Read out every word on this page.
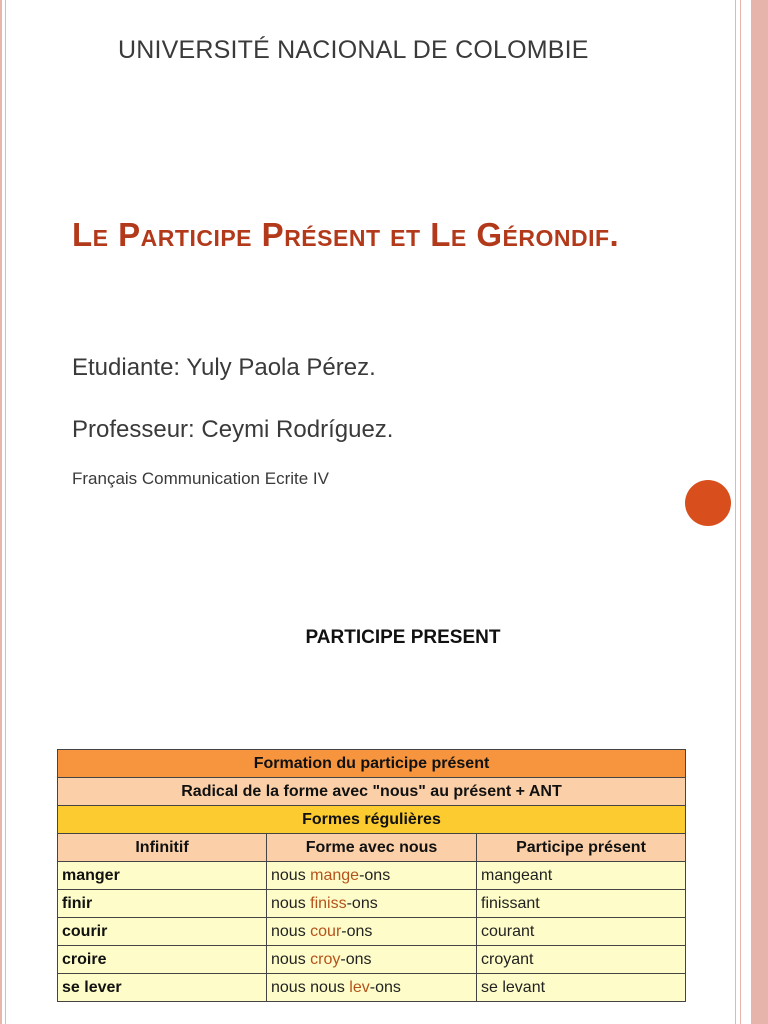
UNIVERSITÉ NACIONAL DE COLOMBIE
Le Participe Présent et Le Gérondif.
Etudiante: Yuly Paola Pérez.
Professeur: Ceymi Rodríguez.
Français Communication Ecrite IV
PARTICIPE PRESENT
Formation du participe présent		
Radical de la forme avec "nous" au présent + ANT		
Formes régulières		
Infinitif	Forme avec nous	Participe présent
manger	nous mange-ons	mangeant
finir	nous finiss-ons	finissant
courir	nous cour-ons	courant
croire	nous croy-ons	croyant
se lever	nous nous lev-ons	se levant
